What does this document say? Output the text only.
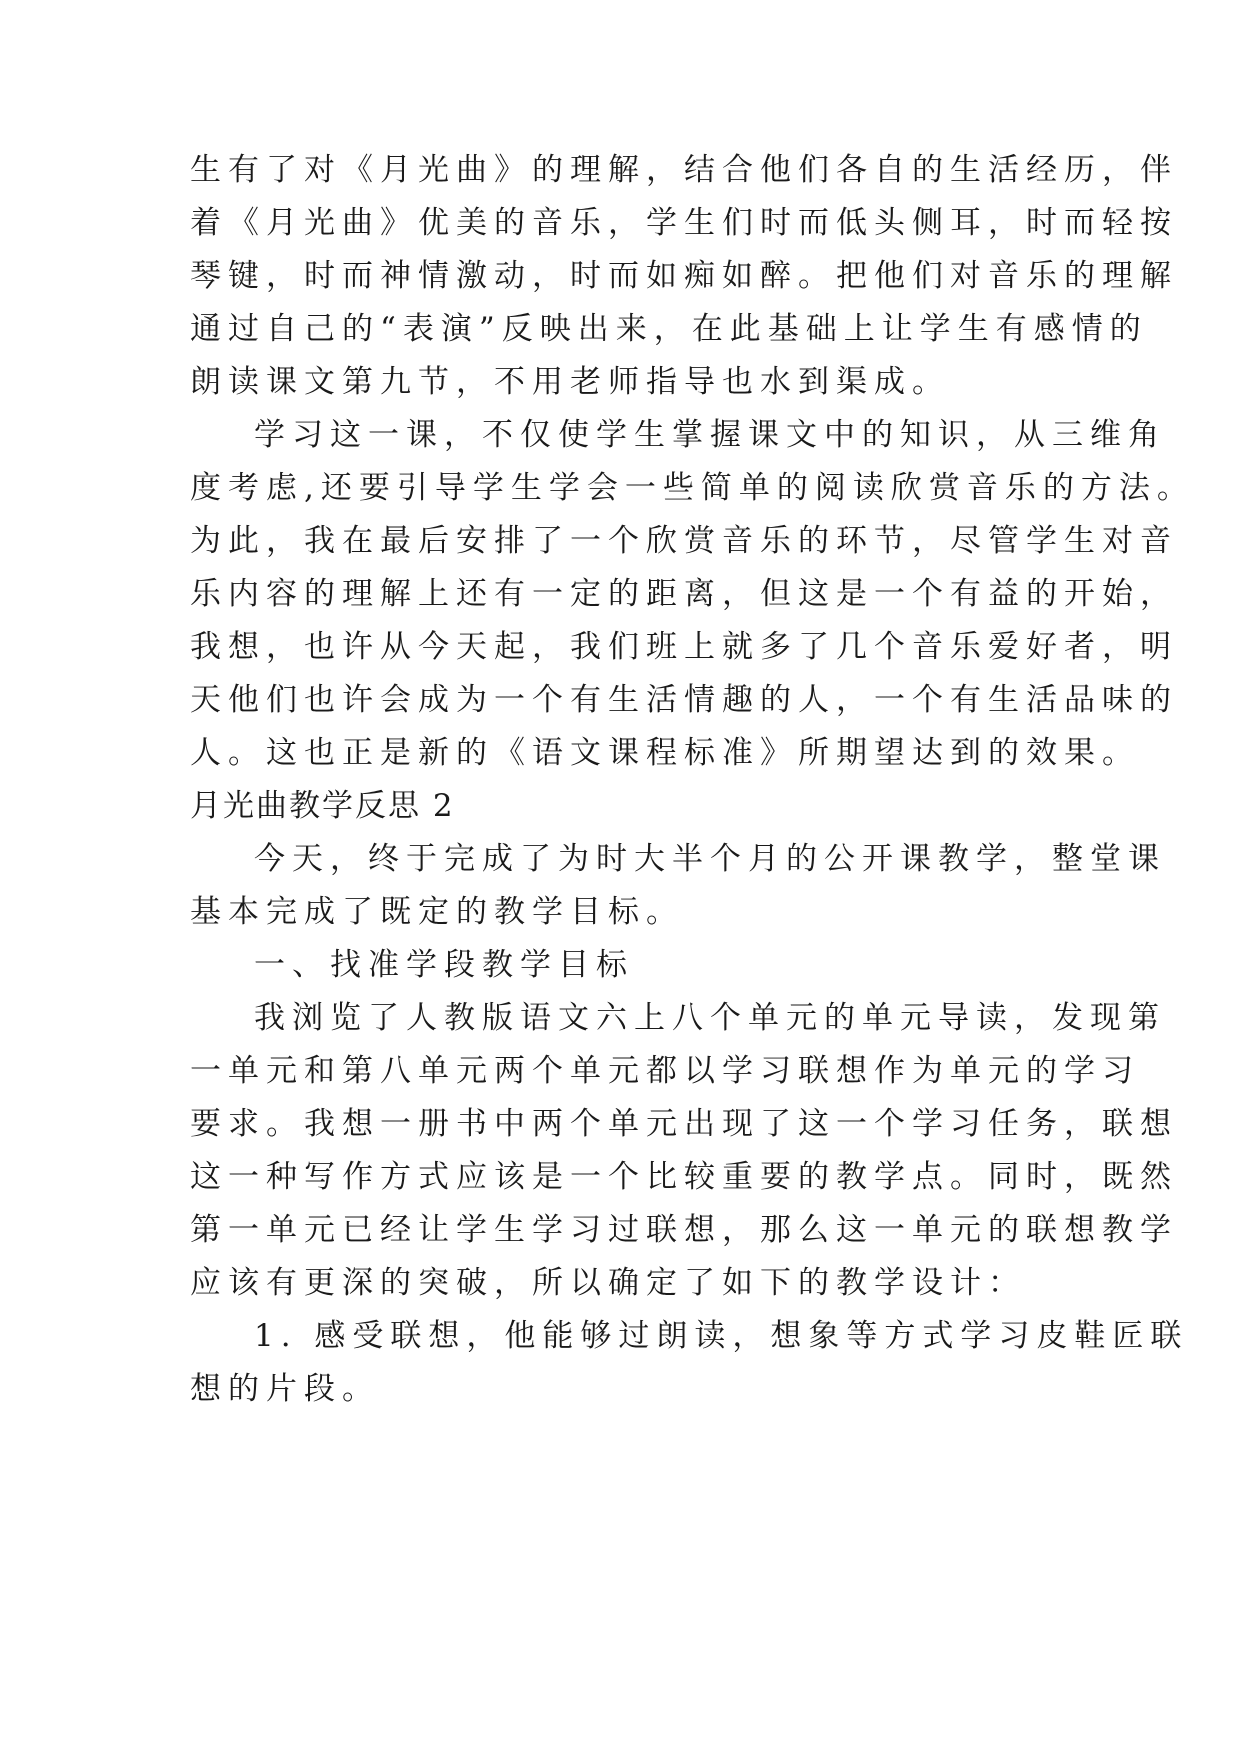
生有了对《月光曲》的理解，结合他们各自的生活经历，伴
着《月光曲》优美的音乐，学生们时而低头侧耳，时而轻按
琴键，时而神情激动，时而如痴如醉。把他们对音乐的理解
通过自己的“表演”反映出来，在此基础上让学生有感情的
朗读课文第九节，不用老师指导也水到渠成。
学习这一课，不仅使学生掌握课文中的知识，从三维角
度考虑,还要引导学生学会一些简单的阅读欣赏音乐的方法。
为此，我在最后安排了一个欣赏音乐的环节，尽管学生对音
乐内容的理解上还有一定的距离，但这是一个有益的开始，
我想，也许从今天起，我们班上就多了几个音乐爱好者，明
天他们也许会成为一个有生活情趣的人，一个有生活品味的
人。这也正是新的《语文课程标准》所期望达到的效果。
月光曲教学反思 2
今天，终于完成了为时大半个月的公开课教学，整堂课
基本完成了既定的教学目标。
一、找准学段教学目标
我浏览了人教版语文六上八个单元的单元导读，发现第
一单元和第八单元两个单元都以学习联想作为单元的学习
要求。我想一册书中两个单元出现了这一个学习任务，联想
这一种写作方式应该是一个比较重要的教学点。同时，既然
第一单元已经让学生学习过联想，那么这一单元的联想教学
应该有更深的突破，所以确定了如下的教学设计：
1. 感受联想，他能够过朗读，想象等方式学习皮鞋匠联
想的片段。
